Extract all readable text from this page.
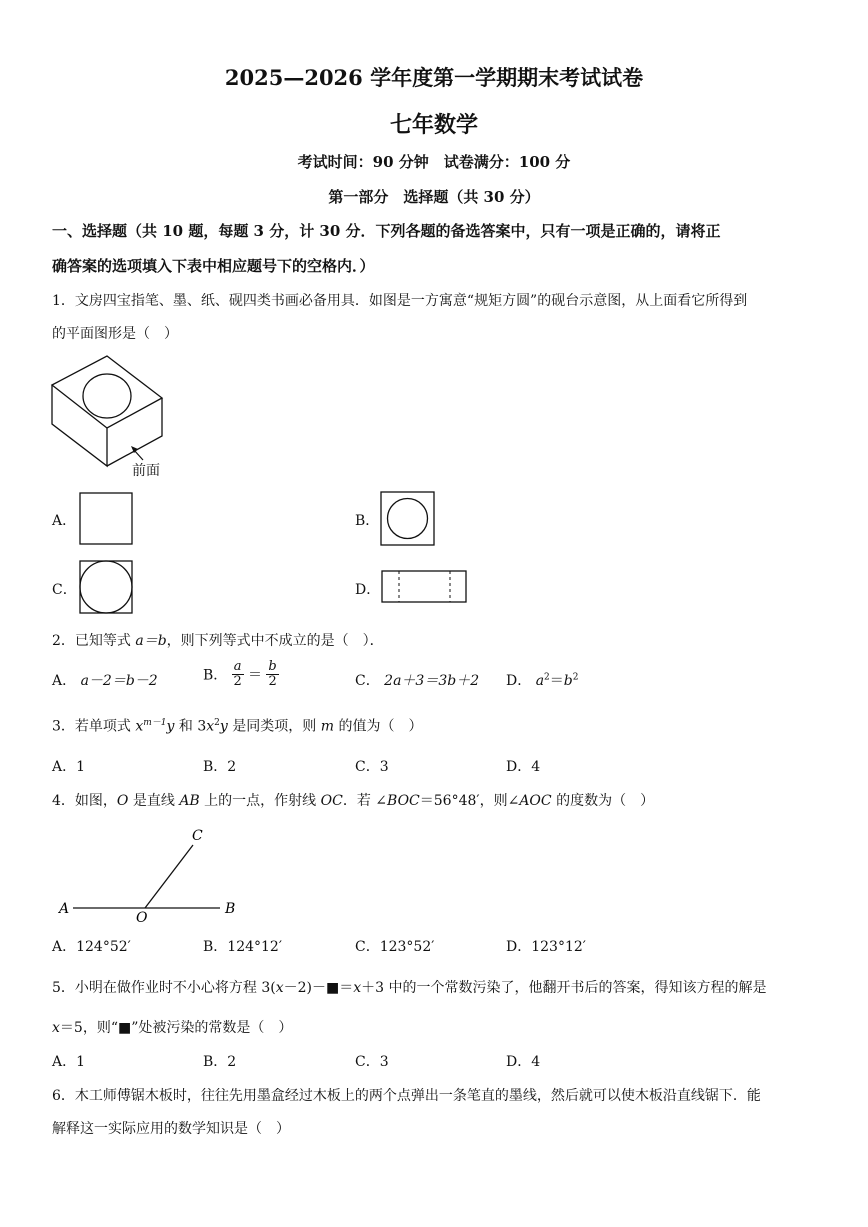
2025—2026 学年度第一学期期末考试试卷
七年数学
考试时间：90 分钟　试卷满分：100 分
第一部分　选择题（共 30 分）
一、选择题（共 10 题，每题 3 分，计 30 分．下列各题的备选答案中，只有一项是正确的，请将正
确答案的选项填入下表中相应题号下的空格内．）
1．文房四宝指笔、墨、纸、砚四类书画必备用具．如图是一方寓意“规矩方圆”的砚台示意图，从上面看它所得到
的平面图形是（　）
前面
A．	B．
C．	D．
2．已知等式 a＝b，则下列等式中不成立的是（　）．
A． a－2＝b－2	B． $\frac{a}{2} = \frac{b}{2}$	C． 2a＋3＝3b＋2 D． $a^2=b^2$
3．若单项式 $x^{m-1}y$ 和 $3x^2y$ 是同类项，则 m 的值为（　）
A．1	B．2	C．3	D．4
4．如图，O 是直线 AB 上的一点，作射线 OC．若 ∠BOC＝56°48′，则∠AOC 的度数为（　）
A
O
B
C
A．124°52′	B．124°12′	C．123°52′	D．123°12′
5．小明在做作业时不小心将方程 3(x－2)－■＝x＋3 中的一个常数污染了，他翻开书后的答案，得知该方程的解是
x＝5，则“■”处被污染的常数是（　）
A．1	B．2	C．3	D．4
6．木工师傅锯木板时，往往先用墨盒经过木板上的两个点弹出一条笔直的墨线，然后就可以使木板沿直线锯下．能
解释这一实际应用的数学知识是（　）
